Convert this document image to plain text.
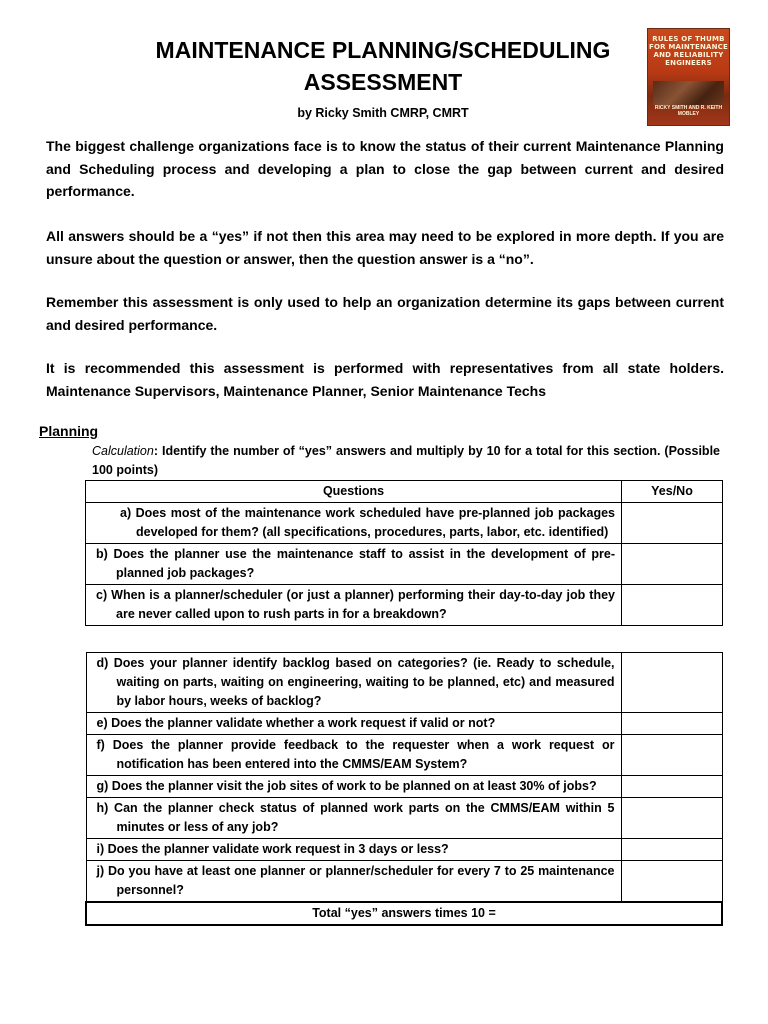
MAINTENANCE PLANNING/SCHEDULING
ASSESSMENT
by Ricky Smith CMRP, CMRT
RULES OF THUMB FOR MAINTENANCE AND RELIABILITY ENGINEERS
RICKY SMITH AND R. KEITH MOBLEY
The biggest challenge organizations face is to know the status of their current Maintenance Planning and Scheduling process and developing a plan to close the gap between current and desired performance.
All answers should be a “yes” if not then this area may need to be explored in more depth. If you are unsure about the question or answer, then the question answer is a “no”.
Remember this assessment is only used to help an organization determine its gaps between current and desired performance.
It is recommended this assessment is performed with representatives from all state holders. Maintenance Supervisors, Maintenance Planner, Senior Maintenance Techs
Planning
Calculation: Identify the number of “yes” answers and multiply by 10 for a total for this section. (Possible 100 points)
Questions	Yes/No

a) Does most of the maintenance work scheduled have pre-planned job packages developed for them? (all specifications, procedures, parts, labor, etc. identified)	

b) Does the planner use the maintenance staff to assist in the development of pre-planned job packages?	

c) When is a planner/scheduler (or just a planner) performing their day-to-day job they are never called upon to rush parts in for a breakdown?	

d) Does your planner identify backlog based on categories? (ie. Ready to schedule, waiting on parts, waiting on engineering, waiting to be planned, etc) and measured by labor hours, weeks of backlog?	

e) Does the planner validate whether a work request if valid or not?	

f) Does the planner provide feedback to the requester when a work request or notification has been entered into the CMMS/EAM System?	

g) Does the planner visit the job sites of work to be planned on at least 30% of jobs?	

h) Can the planner check status of planned work parts on the CMMS/EAM within 5 minutes or less of any job?	

i) Does the planner validate work request in 3 days or less?	

j) Do you have at least one planner or planner/scheduler for every 7 to 25 maintenance personnel?	

Total “yes” answers times 10 =	
